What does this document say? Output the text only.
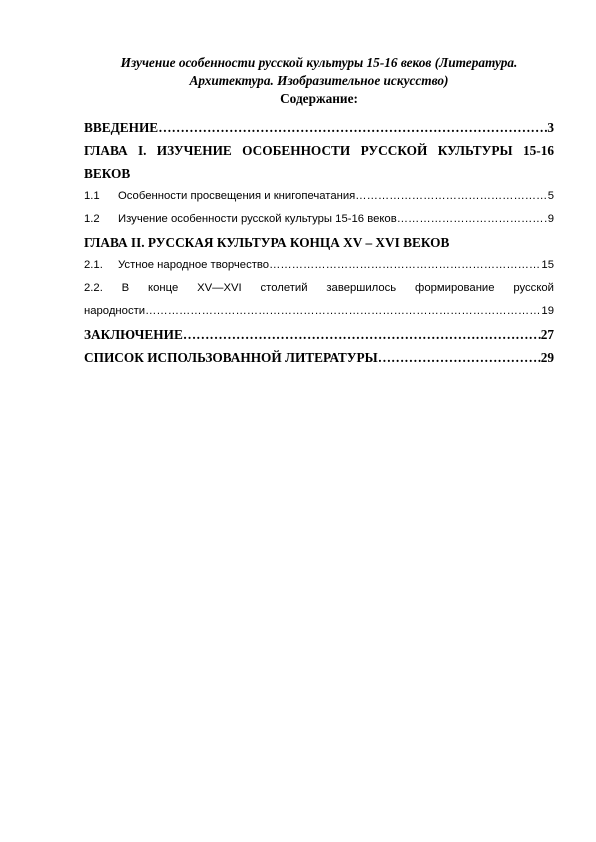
Изучение особенности русской культуры 15-16 веков (Литература. Архитектура. Изобразительное искусство)

Содержание:

ВВЕДЕНИЕ …………………………………………………………………………………………………………………………………………………………	3
ГЛАВА I. ИЗУЧЕНИЕ ОСОБЕННОСТИ РУССКОЙ КУЛЬТУРЫ 15-16
ВЕКОВ
1.1	Особенности просвещения и книгопечатания …………………………………………………………………………………………………………………………………………………………	5
1.2	Изучение особенности русской культуры 15-16 веков …………………………………………………………………………………………………………………………………………………………	9
ГЛАВА II. РУССКАЯ КУЛЬТУРА КОНЦА XV – XVI ВЕКОВ
2.1.	Устное народное творчество …………………………………………………………………………………………………………………………………………………………	15
2.2. В конце XV—XVI столетий завершилось формирование русской
народности …………………………………………………………………………………………………………………………………………………………	19
ЗАКЛЮЧЕНИЕ …………………………………………………………………………………………………………………………………………………………	27
СПИСОК ИСПОЛЬЗОВАННОЙ ЛИТЕРАТУРЫ …………………………………………………………………………………………………………………………………………………………	29
